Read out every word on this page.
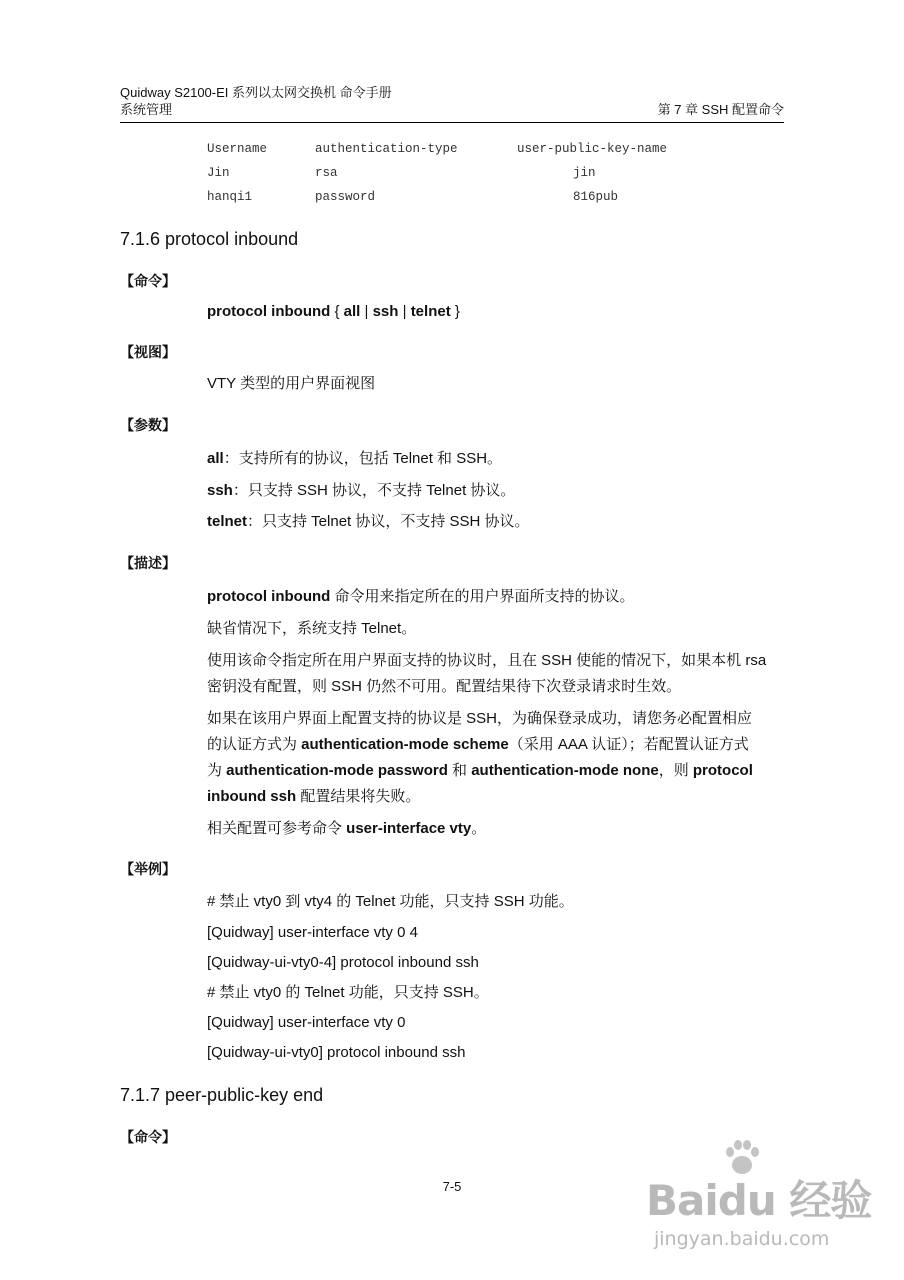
Quidway S2100-EI 系列以太网交换机 命令手册
系统管理	第 7 章 SSH 配置命令
Username	authentication-type	user-public-key-name
Jin	rsa	jin
hanqi1	password	816pub
7.1.6 protocol inbound
【命令】
protocol inbound { all | ssh | telnet }
【视图】
VTY 类型的用户界面视图
【参数】
all：支持所有的协议，包括 Telnet 和 SSH。
ssh：只支持 SSH 协议，不支持 Telnet 协议。
telnet：只支持 Telnet 协议，不支持 SSH 协议。
【描述】
protocol inbound 命令用来指定所在的用户界面所支持的协议。
缺省情况下，系统支持 Telnet。
使用该命令指定所在用户界面支持的协议时，且在 SSH 使能的情况下，如果本机 rsa
密钥没有配置，则 SSH 仍然不可用。配置结果待下次登录请求时生效。
如果在该用户界面上配置支持的协议是 SSH，为确保登录成功，请您务必配置相应
的认证方式为 authentication-mode scheme（采用 AAA 认证）；若配置认证方式
为 authentication-mode password 和 authentication-mode none，则 protocol
inbound ssh 配置结果将失败。
相关配置可参考命令 user-interface vty。
【举例】
# 禁止 vty0 到 vty4 的 Telnet 功能，只支持 SSH 功能。
[Quidway] user-interface vty 0 4
[Quidway-ui-vty0-4] protocol inbound ssh
# 禁止 vty0 的 Telnet 功能，只支持 SSH。
[Quidway] user-interface vty 0
[Quidway-ui-vty0] protocol inbound ssh
7.1.7 peer-public-key end
【命令】
7-5	Baidu 经验
jingyan.baidu.com
